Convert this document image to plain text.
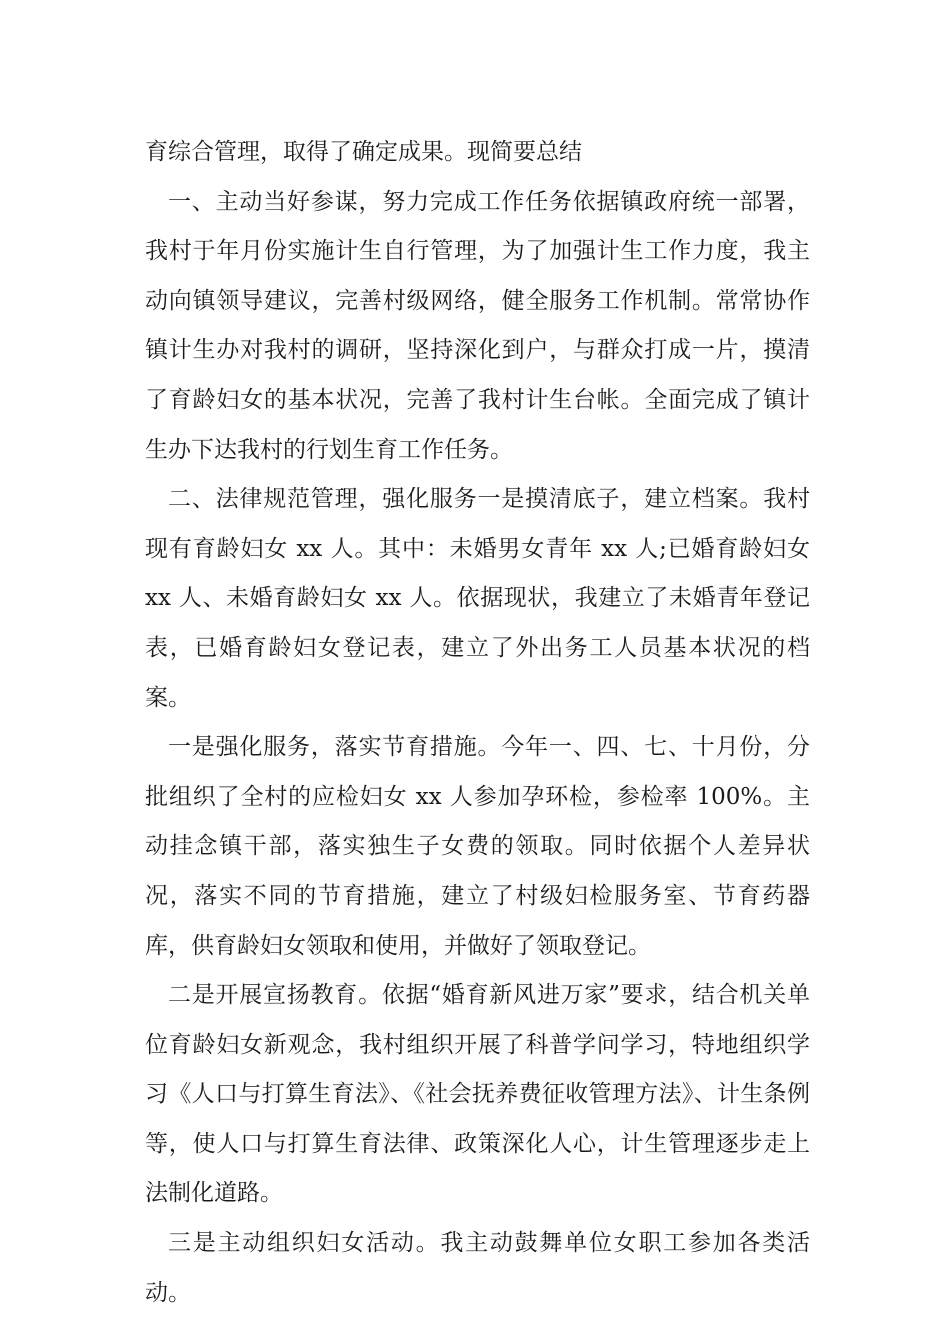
育综合管理，取得了确定成果。现简要总结

一、主动当好参谋，努力完成工作任务依据镇政府统一部署，我村于年月份实施计生自行管理，为了加强计生工作力度，我主动向镇领导建议，完善村级网络，健全服务工作机制。常常协作镇计生办对我村的调研，坚持深化到户，与群众打成一片，摸清了育龄妇女的基本状况，完善了我村计生台帐。全面完成了镇计生办下达我村的行划生育工作任务。

二、法律规范管理，强化服务一是摸清底子，建立档案。我村现有育龄妇女 xx 人。其中：未婚男女青年 xx 人;已婚育龄妇女 xx 人、未婚育龄妇女 xx 人。依据现状，我建立了未婚青年登记表，已婚育龄妇女登记表，建立了外出务工人员基本状况的档案。

一是强化服务，落实节育措施。今年一、四、七、十月份，分批组织了全村的应检妇女 xx 人参加孕环检，参检率 100%。主动挂念镇干部，落实独生子女费的领取。同时依据个人差异状况，落实不同的节育措施，建立了村级妇检服务室、节育药器库，供育龄妇女领取和使用，并做好了领取登记。

二是开展宣扬教育。依据“婚育新风进万家”要求，结合机关单位育龄妇女新观念，我村组织开展了科普学问学习，特地组织学习《人口与打算生育法》、《社会抚养费征收管理方法》、计生条例等，使人口与打算生育法律、政策深化人心，计生管理逐步走上法制化道路。

三是主动组织妇女活动。我主动鼓舞单位女职工参加各类活动。
